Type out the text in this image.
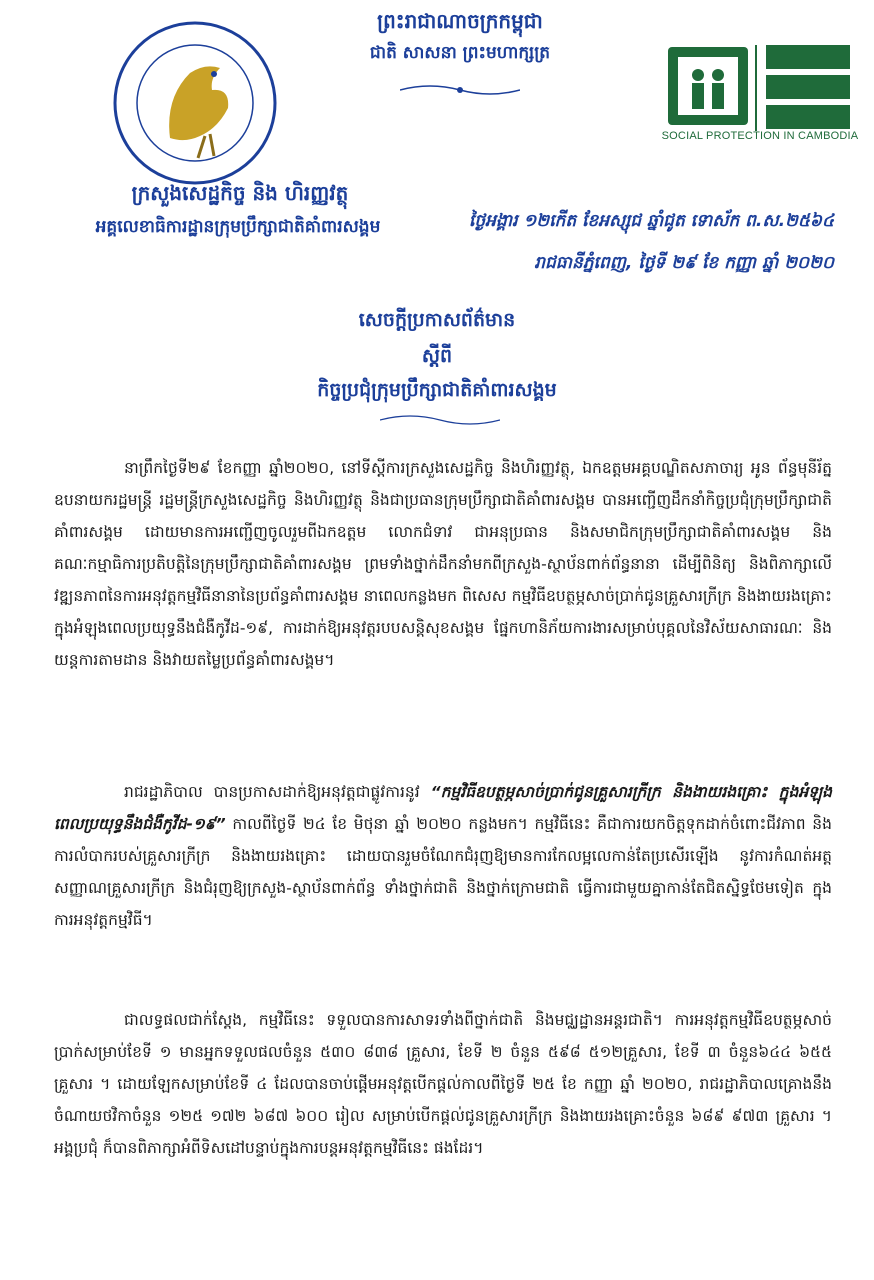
ក្រសួងសេដ្ឋកិច្ច និង ហិរញ្ញវត្ថុ
អគ្គលេខាធិការដ្ឋានក្រុមប្រឹក្សាជាតិគាំពារសង្គម
ព្រះរាជាណាចក្រកម្ពុជា
ជាតិ សាសនា ព្រះមហាក្សត្រ
SOCIAL PROTECTION IN CAMBODIA
ថ្ងៃអង្គារ ១២កើត ខែអស្សុជ ឆ្នាំជូត ទោស័ក ព.ស.២៥៦៤
រាជធានីភ្នំពេញ, ថ្ងៃទី ២៩ ខែ កញ្ញា ឆ្នាំ ២០២០
សេចក្តីប្រកាសព័ត៌មាន
ស្តីពី
កិច្ចប្រជុំក្រុមប្រឹក្សាជាតិគាំពារសង្គម
នាព្រឹកថ្ងៃទី២៩ ខែកញ្ញា ឆ្នាំ២០២០, នៅទីស្តីការក្រសួងសេដ្ឋកិច្ច និងហិរញ្ញវត្ថុ, ឯកឧត្តមអគ្គបណ្ឌិតសភាចារ្យ អូន ព័ន្ធមុនីរ័ត្ន ឧបនាយករដ្ឋមន្ត្រី រដ្ឋមន្ត្រីក្រសួងសេដ្ឋកិច្ច និងហិរញ្ញវត្ថុ និងជាប្រធានក្រុមប្រឹក្សាជាតិគាំពារសង្គម បានអញ្ជើញដឹកនាំកិច្ចប្រជុំក្រុមប្រឹក្សាជាតិគាំពារសង្គម ដោយមានការអញ្ជើញចូលរួមពីឯកឧត្តម លោកជំទាវ ជាអនុប្រធាន និងសមាជិកក្រុមប្រឹក្សាជាតិគាំពារសង្គម និងគណៈកម្មាធិការប្រតិបត្តិនៃក្រុមប្រឹក្សាជាតិគាំពារសង្គម ព្រមទាំងថ្នាក់ដឹកនាំមកពីក្រសួង-ស្ថាប័នពាក់ព័ន្ធនានា ដើម្បីពិនិត្យ និងពិភាក្សាលើវឌ្ឍនភាពនៃការអនុវត្តកម្មវិធីនានានៃប្រព័ន្ធគាំពារសង្គម នាពេលកន្លងមក ពិសេស កម្មវិធីឧបត្ថម្ភសាច់ប្រាក់ជូនគ្រួសារក្រីក្រ និងងាយរងគ្រោះ ក្នុងអំឡុងពេលប្រយុទ្ធនឹងជំងឺកូវីដ-១៩, ការដាក់ឱ្យអនុវត្តរបបសន្តិសុខសង្គម ផ្នែកហានិភ័យការងារសម្រាប់បុគ្គលនៃវិស័យសាធារណៈ និងយន្តការតាមដាន និងវាយតម្លៃប្រព័ន្ធគាំពារសង្គម។
រាជរដ្ឋាភិបាល បានប្រកាសដាក់ឱ្យអនុវត្តជាផ្លូវការនូវ “កម្មវិធីឧបត្ថម្ភសាច់ប្រាក់ជូនគ្រួសារក្រីក្រ និងងាយរងគ្រោះ ក្នុងអំឡុងពេលប្រយុទ្ធនឹងជំងឺកូវីដ-១៩” កាលពីថ្ងៃទី ២៤ ខែ មិថុនា ឆ្នាំ ២០២០ កន្លងមក។ កម្មវិធីនេះ គឺជាការយកចិត្តទុកដាក់ចំពោះជីវភាព និងការលំបាករបស់គ្រួសារក្រីក្រ និងងាយរងគ្រោះ ដោយបានរួមចំណែកជំរុញឱ្យមានការកែលម្អលេកាន់តែប្រសើរឡើង នូវការកំណត់អត្តសញ្ញាណគ្រួសារក្រីក្រ និងជំរុញឱ្យក្រសួង-ស្ថាប័នពាក់ព័ន្ធ ទាំងថ្នាក់ជាតិ និងថ្នាក់ក្រោមជាតិ ធ្វើការជាមួយគ្នាកាន់តែជិតស្និទ្ធថែមទៀត ក្នុងការអនុវត្តកម្មវិធី។
ជាលទ្ធផលជាក់ស្តែង, កម្មវិធីនេះ ទទួលបានការសាទរទាំងពីថ្នាក់ជាតិ និងមជ្ឈដ្ឋានអន្តរជាតិ។ ការអនុវត្តកម្មវិធីឧបត្ថម្ភសាច់ប្រាក់សម្រាប់ខែទី ១ មានអ្នកទទួលផលចំនួន ៥៣០ ៨៣៨ គ្រួសារ, ខែទី ២ ចំនួន ៥៩៨ ៥១២គ្រួសារ, ខែទី ៣ ចំនួន៦៤៤ ៦៥៥ គ្រួសារ ។ ដោយឡែកសម្រាប់ខែទី ៤ ដែលបានចាប់ផ្តើមអនុវត្តបើកផ្តល់កាលពីថ្ងៃទី ២៥ ខែ កញ្ញា ឆ្នាំ ២០២០, រាជរដ្ឋាភិបាលគ្រោងនឹងចំណាយថវិកាចំនួន ១២៥ ១៧២ ៦៨៧ ៦០០ រៀល សម្រាប់បើកផ្តល់ជូនគ្រួសារក្រីក្រ និងងាយរងគ្រោះចំនួន ៦៨៩ ៩៧៣ គ្រួសារ ។ អង្គប្រជុំ ក៏បានពិភាក្សាអំពីទិសដៅបន្ទាប់ក្នុងការបន្តអនុវត្តកម្មវិធីនេះ ផងដែរ។
